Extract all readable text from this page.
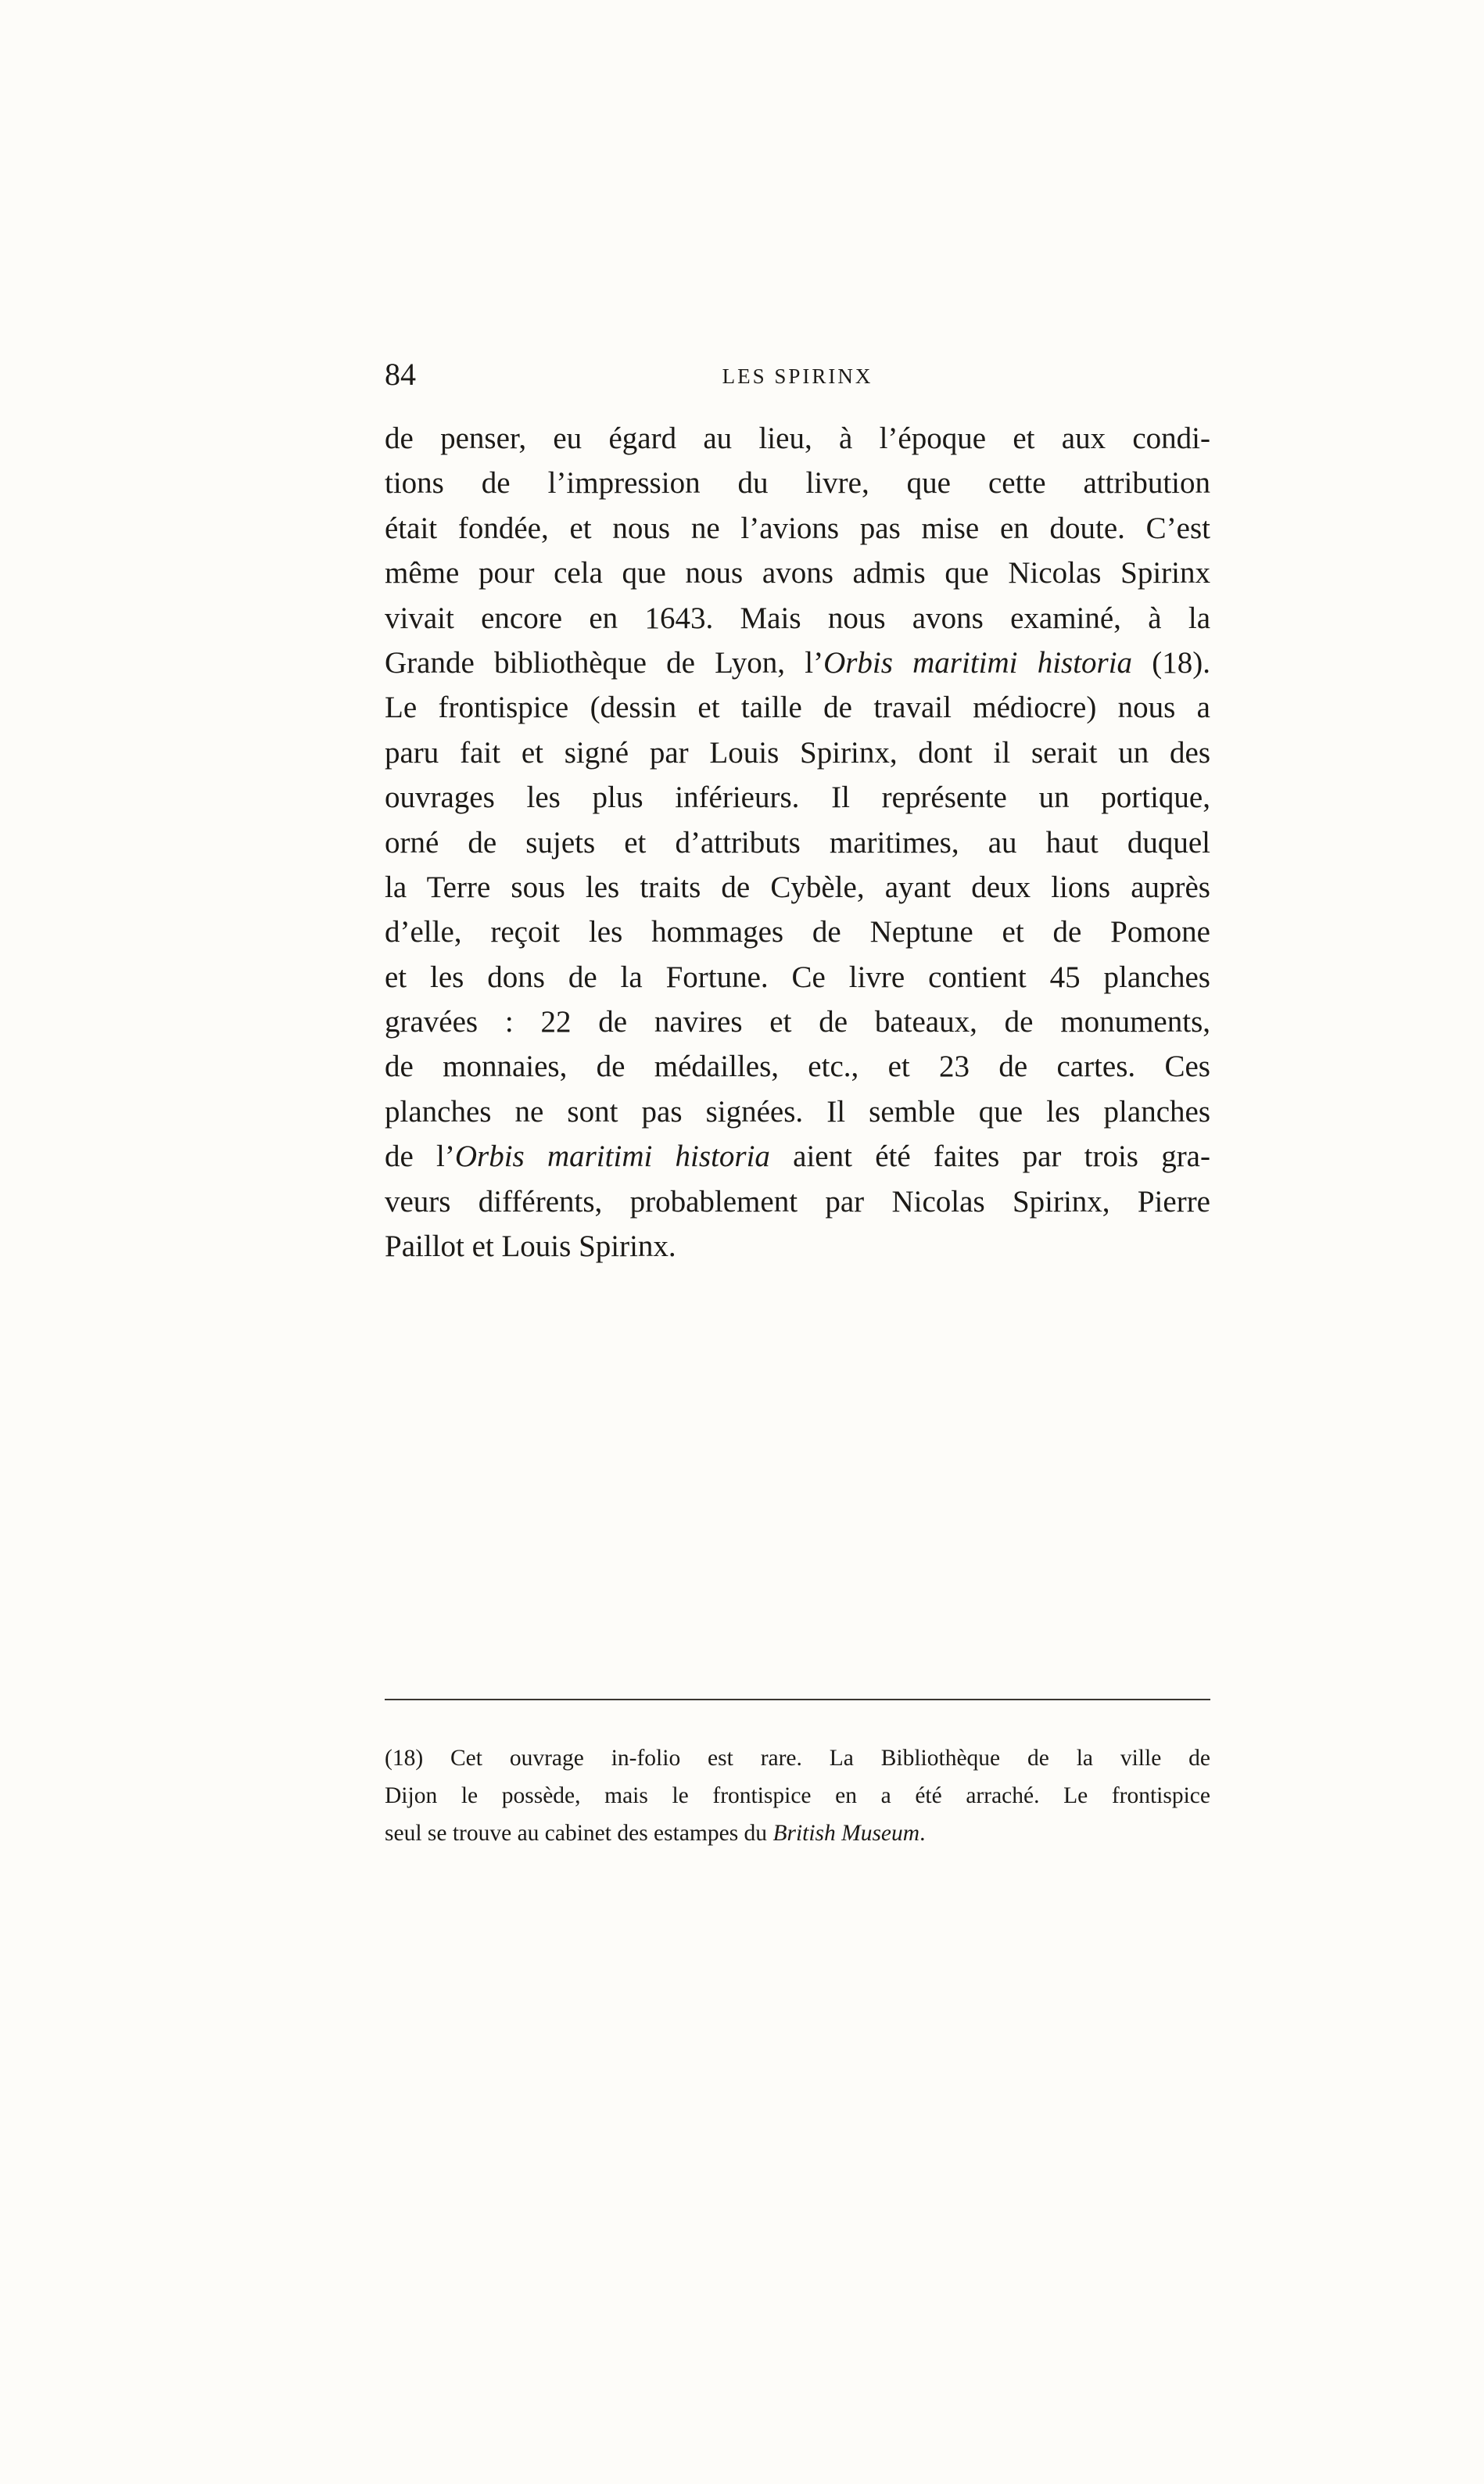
84	LES SPIRINX
de penser, eu égard au lieu, à l’époque et aux condi-
tions de l’impression du livre, que cette attribution
était fondée, et nous ne l’avions pas mise en doute. C’est
même pour cela que nous avons admis que Nicolas Spirinx
vivait encore en 1643. Mais nous avons examiné, à la
Grande bibliothèque de Lyon, l’Orbis maritimi historia (18).
Le frontispice (dessin et taille de travail médiocre) nous a
paru fait et signé par Louis Spirinx, dont il serait un des
ouvrages les plus inférieurs. Il représente un portique,
orné de sujets et d’attributs maritimes, au haut duquel
la Terre sous les traits de Cybèle, ayant deux lions auprès
d’elle, reçoit les hommages de Neptune et de Pomone
et les dons de la Fortune. Ce livre contient 45 planches
gravées : 22 de navires et de bateaux, de monuments,
de monnaies, de médailles, etc., et 23 de cartes. Ces
planches ne sont pas signées. Il semble que les planches
de l’Orbis maritimi historia aient été faites par trois gra-
veurs différents, probablement par Nicolas Spirinx, Pierre
Paillot et Louis Spirinx.
(18) Cet ouvrage in-folio est rare. La Bibliothèque de la ville de
Dijon le possède, mais le frontispice en a été arraché. Le frontispice
seul se trouve au cabinet des estampes du British Museum.
